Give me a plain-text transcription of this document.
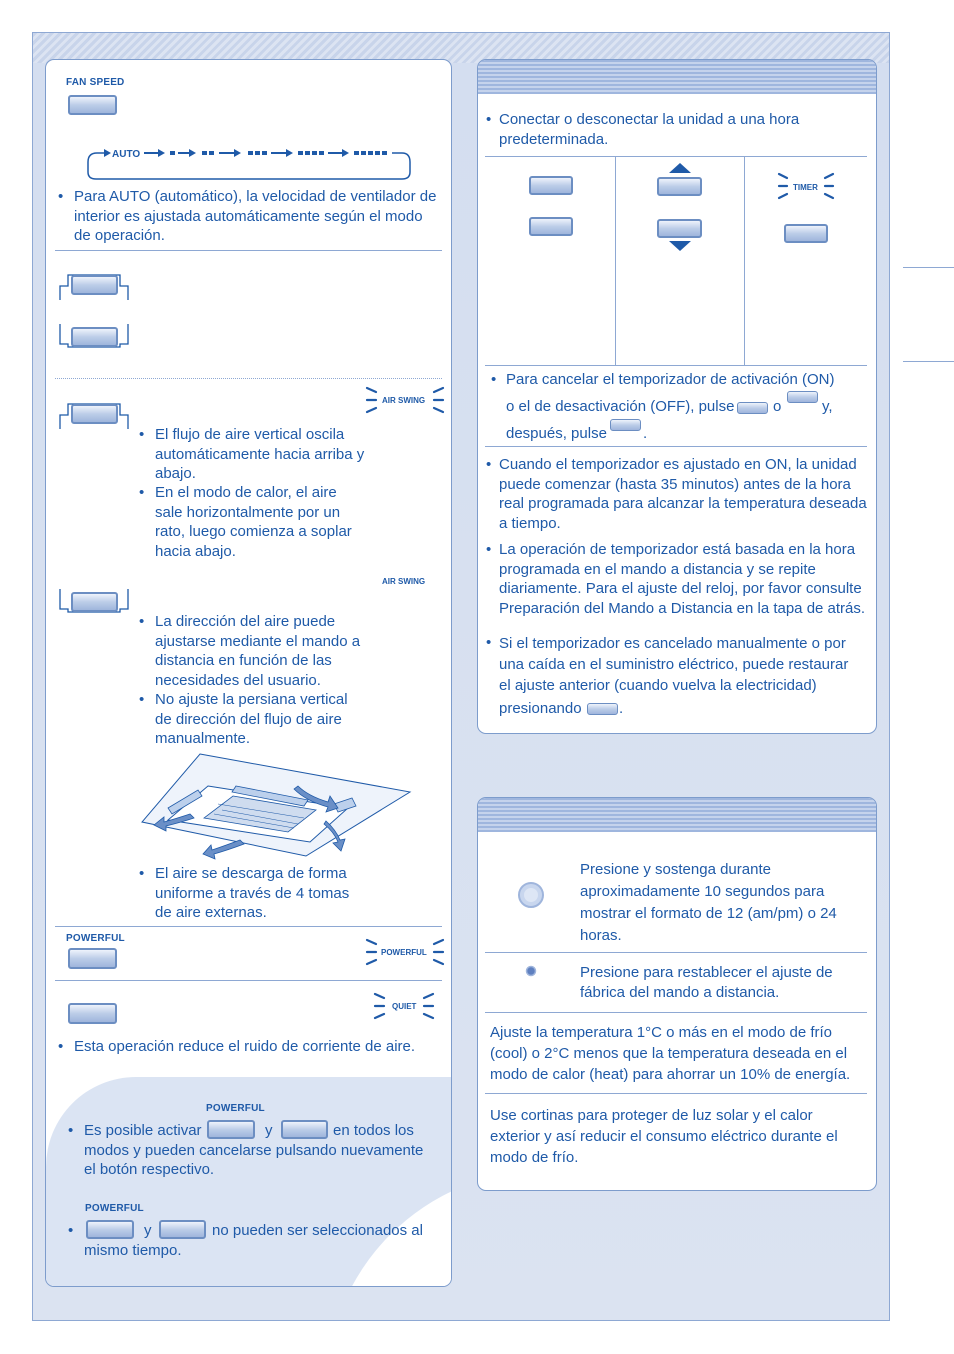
FAN SPEED
AUTO
• Para AUTO (automático), la velocidad de ventilador de interior es ajustada automáticamente según el modo de operación.
AIR SWING
• El flujo de aire vertical oscila automáticamente hacia arriba y abajo.
• En el modo de calor, el aire sale horizontalmente por un rato, luego comienza a soplar hacia abajo.
AIR SWING
• La dirección del aire puede ajustarse mediante el mando a distancia en función de las necesidades del usuario.
• No ajuste la persiana vertical de dirección del flujo de aire manualmente.
• El aire se descarga de forma uniforme a través de 4 tomas de aire externas.
POWERFUL
POWERFUL
QUIET
• Esta operación reduce el ruido de corriente de aire.
POWERFUL
• Es posible activar	y	en todos los modos y pueden cancelarse pulsando nuevamente el botón respectivo.
POWERFUL
•	y	no pueden ser seleccionados al mismo tiempo.
• Conectar o desconectar la unidad a una hora predeterminada.
TIMER
• Para cancelar el temporizador de activación (ON)
o el de desactivación (OFF), pulse	o	y,
después, pulse .
• Cuando el temporizador es ajustado en ON, la unidad puede comenzar (hasta 35 minutos) antes de la hora real programada para alcanzar la temperatura deseada a tiempo.
• La operación de temporizador está basada en la hora programada en el mando a distancia y se repite diariamente. Para el ajuste del reloj, por favor consulte Preparación del Mando a Distancia en la tapa de atrás.
• Si el temporizador es cancelado manualmente o por una caída en el suministro eléctrico, puede restaurar el ajuste anterior (cuando vuelva la electricidad)
presionando .
Presione y sostenga durante aproximadamente 10 segundos para mostrar el formato de 12 (am/pm) o 24 horas.
Presione para restablecer el ajuste de fábrica del mando a distancia.
Ajuste la temperatura 1°C o más en el modo de frío (cool) o 2°C menos que la temperatura deseada en el modo de calor (heat) para ahorrar un 10% de energía.
Use cortinas para proteger de luz solar y el calor exterior y así reducir el consumo eléctrico durante el modo de frío.
